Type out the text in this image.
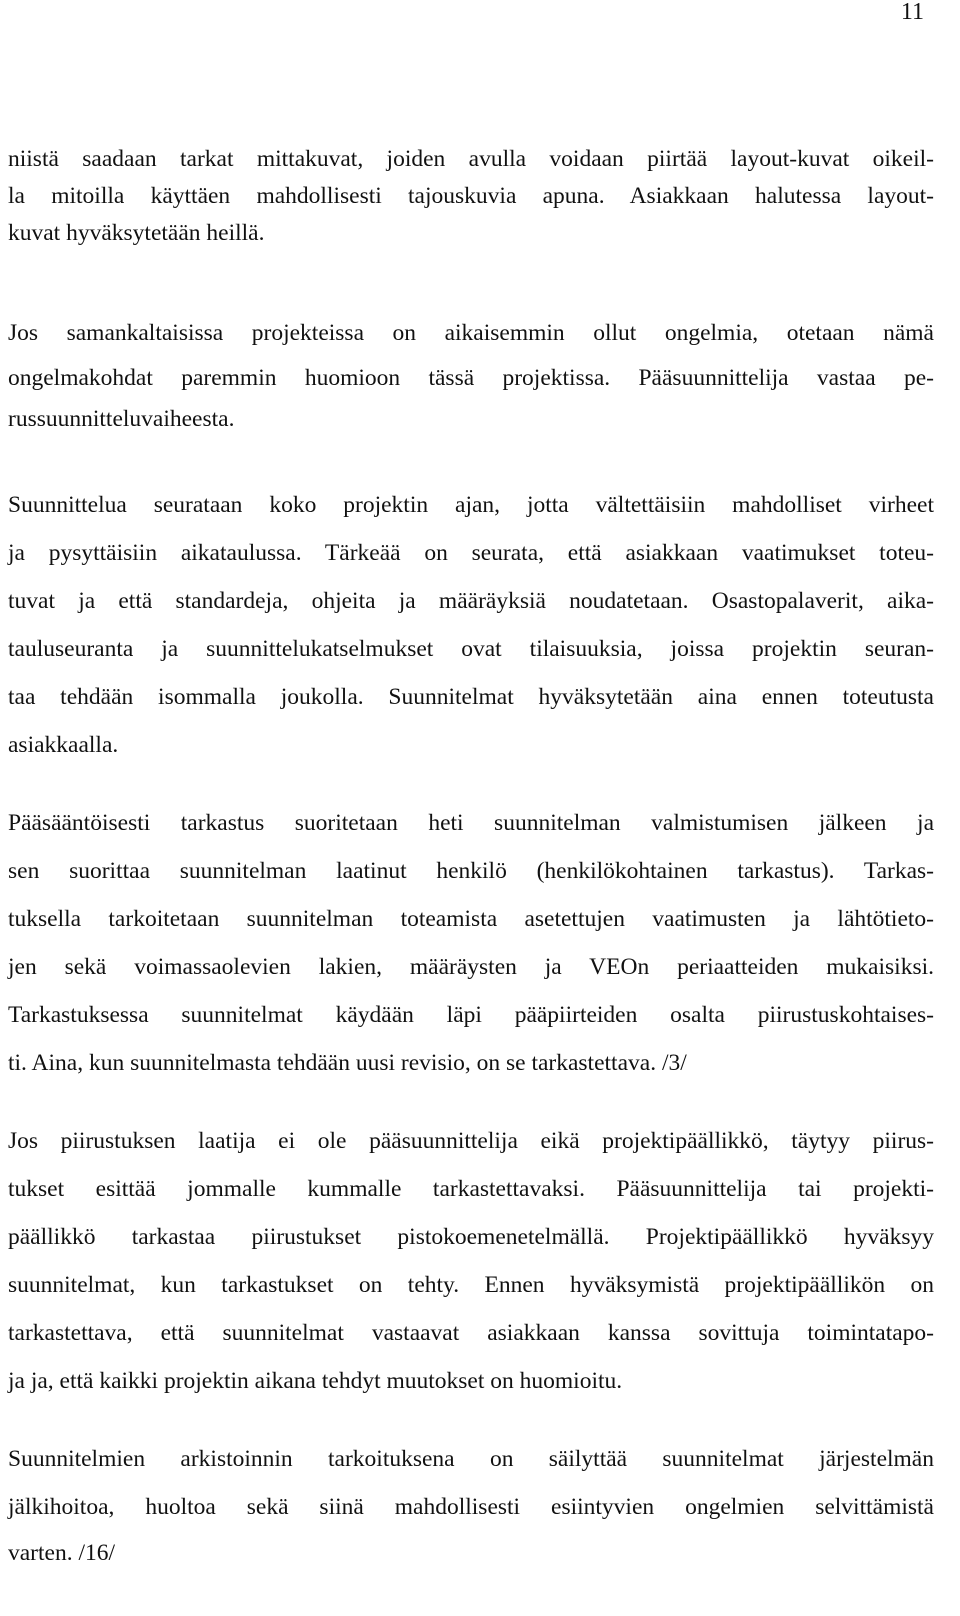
11
niistä saadaan tarkat mittakuvat, joiden avulla voidaan piirtää layout-kuvat oikeil-
la mitoilla käyttäen mahdollisesti tajouskuvia apuna. Asiakkaan halutessa layout-
kuvat hyväksytetään heillä.
Jos samankaltaisissa projekteissa on aikaisemmin ollut ongelmia, otetaan nämä
ongelmakohdat paremmin huomioon tässä projektissa. Pääsuunnittelija vastaa pe-
russuunnitteluvaiheesta.
Suunnittelua seurataan koko projektin ajan, jotta vältettäisiin mahdolliset virheet
ja pysyttäisiin aikataulussa. Tärkeää on seurata, että asiakkaan vaatimukset toteu-
tuvat ja että standardeja, ohjeita ja määräyksiä noudatetaan. Osastopalaverit, aika-
tauluseuranta ja suunnittelukatselmukset ovat tilaisuuksia, joissa projektin seuran-
taa tehdään isommalla joukolla. Suunnitelmat hyväksytetään aina ennen toteutusta
asiakkaalla.
Pääsääntöisesti tarkastus suoritetaan heti suunnitelman valmistumisen jälkeen ja
sen suorittaa suunnitelman laatinut henkilö (henkilökohtainen tarkastus). Tarkas-
tuksella tarkoitetaan suunnitelman toteamista asetettujen vaatimusten ja lähtötieto-
jen sekä voimassaolevien lakien, määräysten ja VEOn periaatteiden mukaisiksi.
Tarkastuksessa suunnitelmat käydään läpi pääpiirteiden osalta piirustuskohtaises-
ti. Aina, kun suunnitelmasta tehdään uusi revisio, on se tarkastettava. /3/
Jos piirustuksen laatija ei ole pääsuunnittelija eikä projektipäällikkö, täytyy piirus-
tukset esittää jommalle kummalle tarkastettavaksi. Pääsuunnittelija tai projekti-
päällikkö tarkastaa piirustukset pistokoemenetelmällä. Projektipäällikkö hyväksyy
suunnitelmat, kun tarkastukset on tehty. Ennen hyväksymistä projektipäällikön on
tarkastettava, että suunnitelmat vastaavat asiakkaan kanssa sovittuja toimintatapo-
ja ja, että kaikki projektin aikana tehdyt muutokset on huomioitu.
Suunnitelmien arkistoinnin tarkoituksena on säilyttää suunnitelmat järjestelmän
jälkihoitoa, huoltoa sekä siinä mahdollisesti esiintyvien ongelmien selvittämistä
varten. /16/
